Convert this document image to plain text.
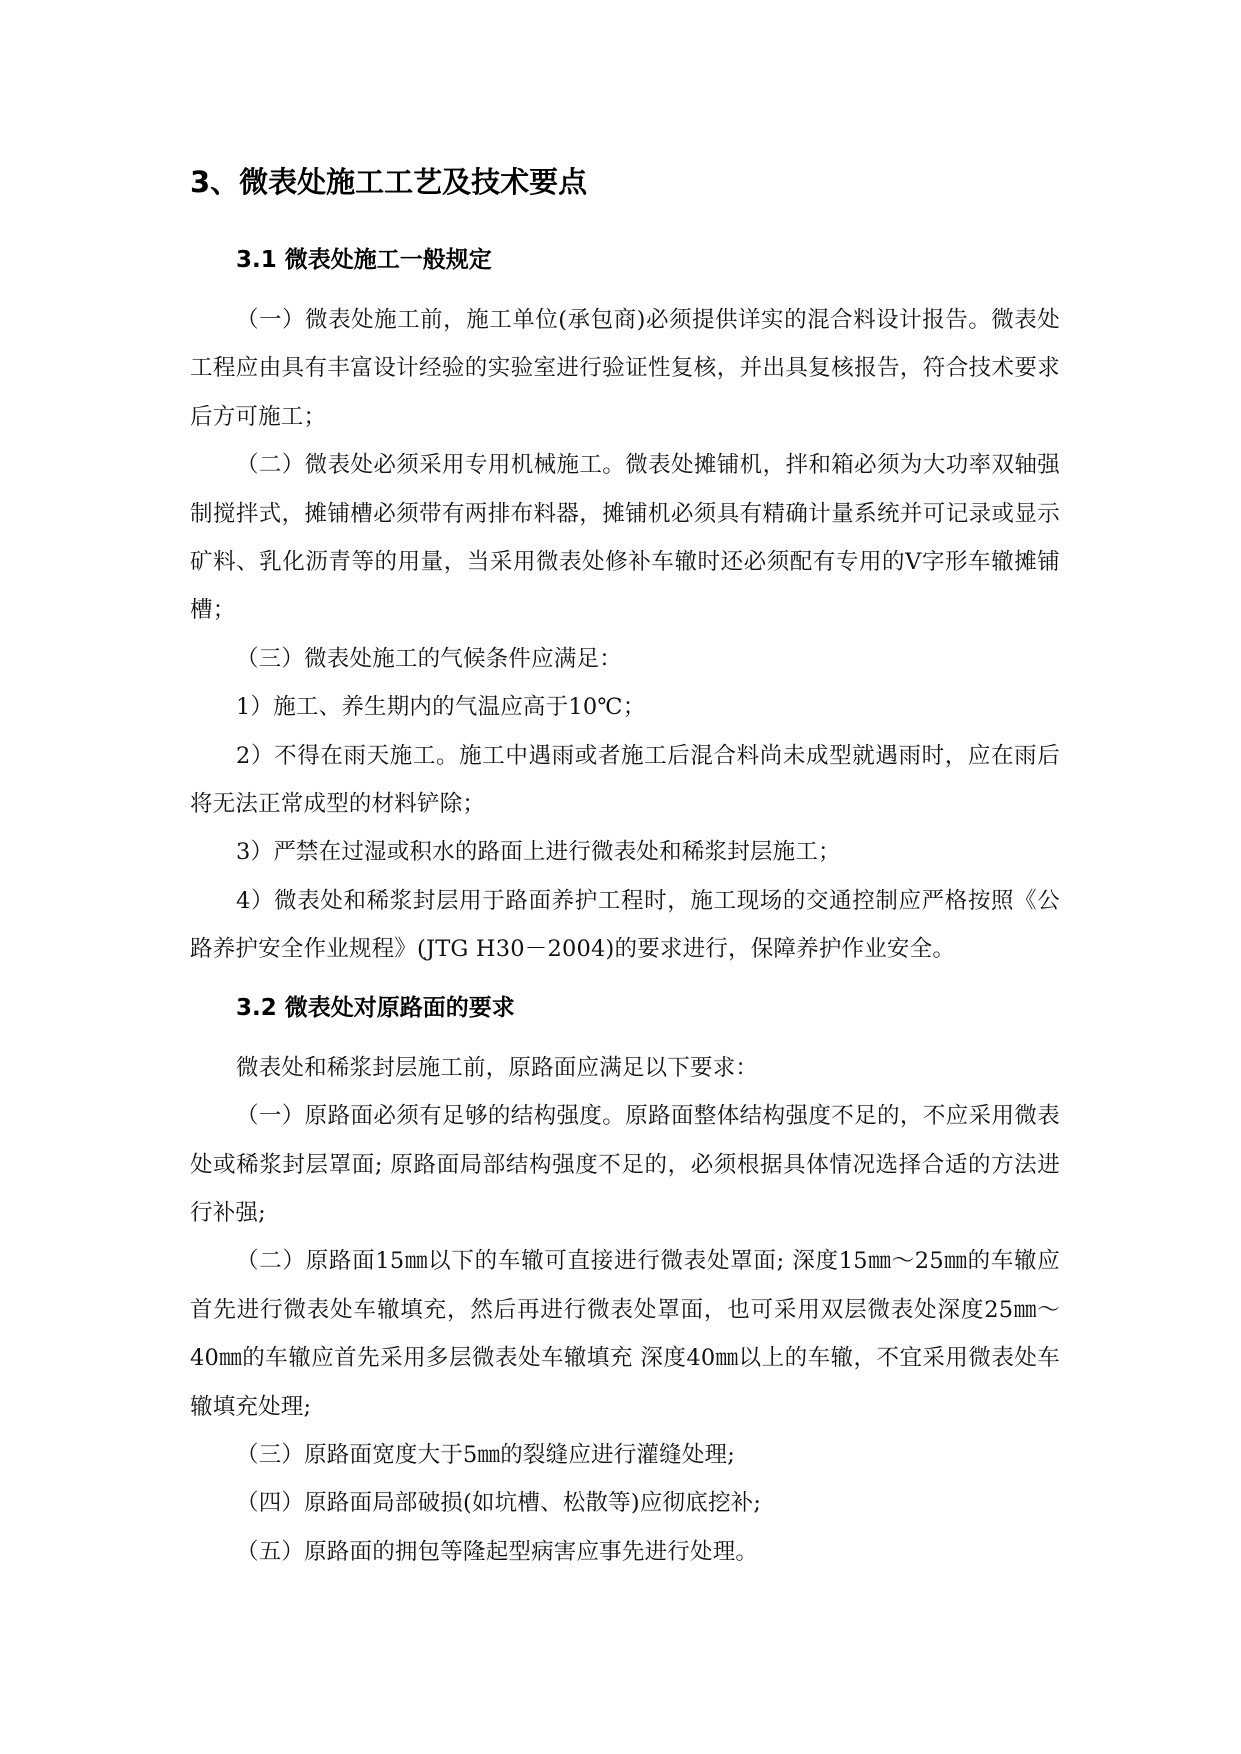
3、微表处施工工艺及技术要点
3.1 微表处施工一般规定

（一）微表处施工前，施工单位(承包商)必须提供详实的混合料设计报告。微表处工程应由具有丰富设计经验的实验室进行验证性复核，并出具复核报告，符合技术要求后方可施工；

（二）微表处必须采用专用机械施工。微表处摊铺机，拌和箱必须为大功率双轴强制搅拌式，摊铺槽必须带有两排布料器，摊铺机必须具有精确计量系统并可记录或显示矿料、乳化沥青等的用量，当采用微表处修补车辙时还必须配有专用的V字形车辙摊铺槽；

（三）微表处施工的气候条件应满足：

1）施工、养生期内的气温应高于10℃；

2）不得在雨天施工。施工中遇雨或者施工后混合料尚未成型就遇雨时，应在雨后将无法正常成型的材料铲除；

3）严禁在过湿或积水的路面上进行微表处和稀浆封层施工；

4）微表处和稀浆封层用于路面养护工程时，施工现场的交通控制应严格按照《公路养护安全作业规程》(JTG H30－2004)的要求进行，保障养护作业安全。

3.2 微表处对原路面的要求

微表处和稀浆封层施工前，原路面应满足以下要求：

（一）原路面必须有足够的结构强度。原路面整体结构强度不足的，不应采用微表处或稀浆封层罩面; 原路面局部结构强度不足的，必须根据具体情况选择合适的方法进行补强;

（二）原路面15㎜以下的车辙可直接进行微表处罩面; 深度15㎜～25㎜的车辙应首先进行微表处车辙填充，然后再进行微表处罩面，也可采用双层微表处深度25㎜～40㎜的车辙应首先采用多层微表处车辙填充 深度40㎜以上的车辙，不宜采用微表处车辙填充处理;

（三）原路面宽度大于5㎜的裂缝应进行灌缝处理;

（四）原路面局部破损(如坑槽、松散等)应彻底挖补;

（五）原路面的拥包等隆起型病害应事先进行处理。
